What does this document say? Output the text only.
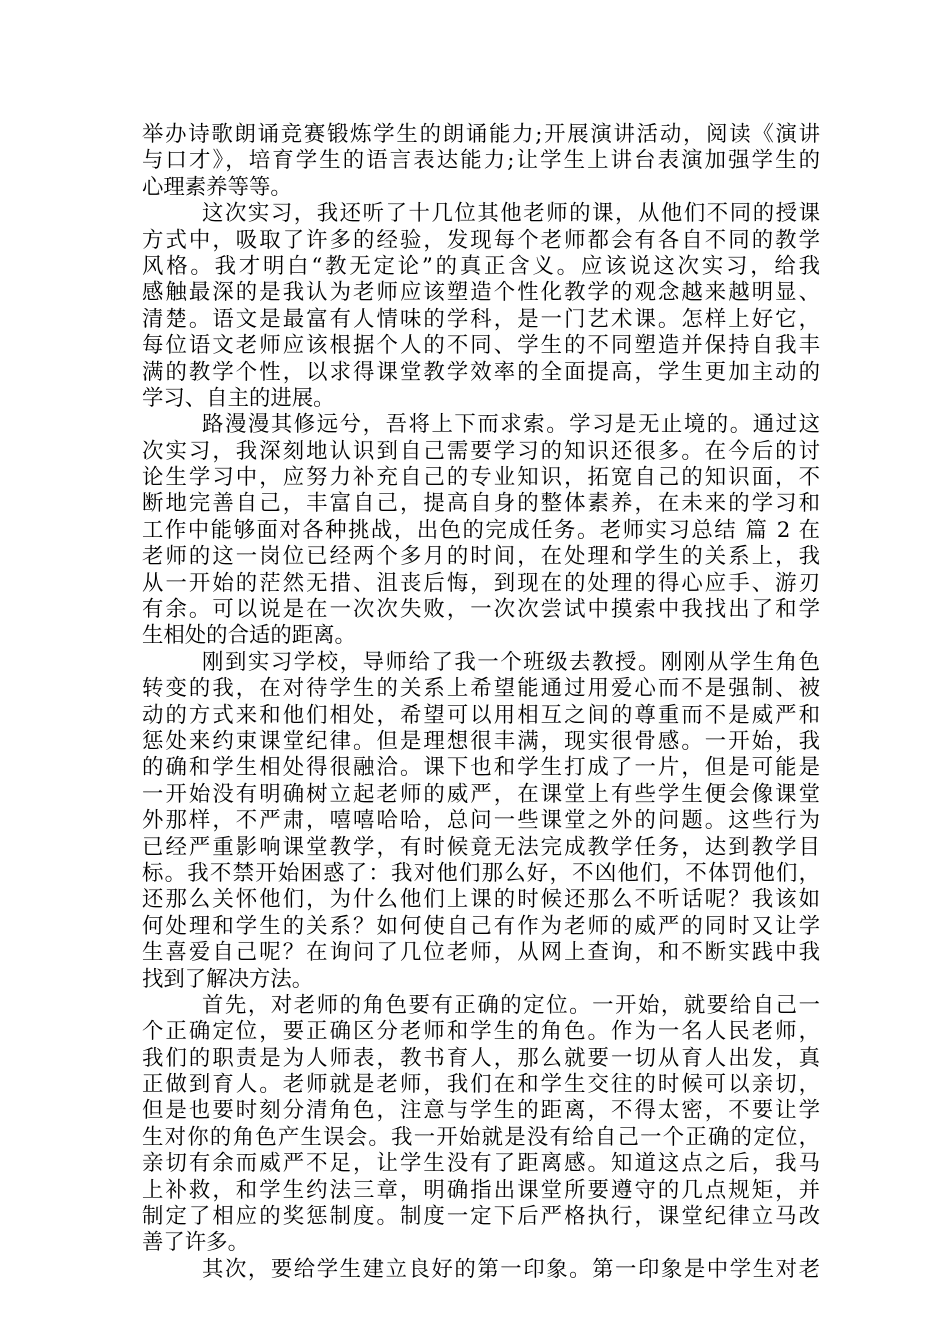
举办诗歌朗诵竞赛锻炼学生的朗诵能力;开展演讲活动，阅读《演讲
与口才》，培育学生的语言表达能力;让学生上讲台表演加强学生的
心理素养等等。
这次实习，我还听了十几位其他老师的课，从他们不同的授课
方式中，吸取了许多的经验，发现每个老师都会有各自不同的教学
风格。我才明白“教无定论”的真正含义。应该说这次实习，给我
感触最深的是我认为老师应该塑造个性化教学的观念越来越明显、
清楚。语文是最富有人情味的学科，是一门艺术课。怎样上好它，
每位语文老师应该根据个人的不同、学生的不同塑造并保持自我丰
满的教学个性，以求得课堂教学效率的全面提高，学生更加主动的
学习、自主的进展。
路漫漫其修远兮，吾将上下而求索。学习是无止境的。通过这
次实习，我深刻地认识到自己需要学习的知识还很多。在今后的讨
论生学习中，应努力补充自己的专业知识，拓宽自己的知识面，不
断地完善自己，丰富自己，提高自身的整体素养，在未来的学习和
工作中能够面对各种挑战，出色的完成任务。老师实习总结 篇 2 在
老师的这一岗位已经两个多月的时间，在处理和学生的关系上，我
从一开始的茫然无措、沮丧后悔，到现在的处理的得心应手、游刃
有余。可以说是在一次次失败，一次次尝试中摸索中我找出了和学
生相处的合适的距离。
刚到实习学校，导师给了我一个班级去教授。刚刚从学生角色
转变的我，在对待学生的关系上希望能通过用爱心而不是强制、被
动的方式来和他们相处，希望可以用相互之间的尊重而不是威严和
惩处来约束课堂纪律。但是理想很丰满，现实很骨感。一开始，我
的确和学生相处得很融洽。课下也和学生打成了一片，但是可能是
一开始没有明确树立起老师的威严，在课堂上有些学生便会像课堂
外那样，不严肃，嘻嘻哈哈，总问一些课堂之外的问题。这些行为
已经严重影响课堂教学，有时候竟无法完成教学任务，达到教学目
标。我不禁开始困惑了：我对他们那么好，不凶他们，不体罚他们，
还那么关怀他们，为什么他们上课的时候还那么不听话呢？我该如
何处理和学生的关系？如何使自己有作为老师的威严的同时又让学
生喜爱自己呢？在询问了几位老师，从网上查询，和不断实践中我
找到了解决方法。
首先，对老师的角色要有正确的定位。一开始，就要给自己一
个正确定位，要正确区分老师和学生的角色。作为一名人民老师，
我们的职责是为人师表，教书育人，那么就要一切从育人出发，真
正做到育人。老师就是老师，我们在和学生交往的时候可以亲切，
但是也要时刻分清角色，注意与学生的距离，不得太密，不要让学
生对你的角色产生误会。我一开始就是没有给自己一个正确的定位，
亲切有余而威严不足，让学生没有了距离感。知道这点之后，我马
上补救，和学生约法三章，明确指出课堂所要遵守的几点规矩，并
制定了相应的奖惩制度。制度一定下后严格执行，课堂纪律立马改
善了许多。
其次，要给学生建立良好的第一印象。第一印象是中学生对老
